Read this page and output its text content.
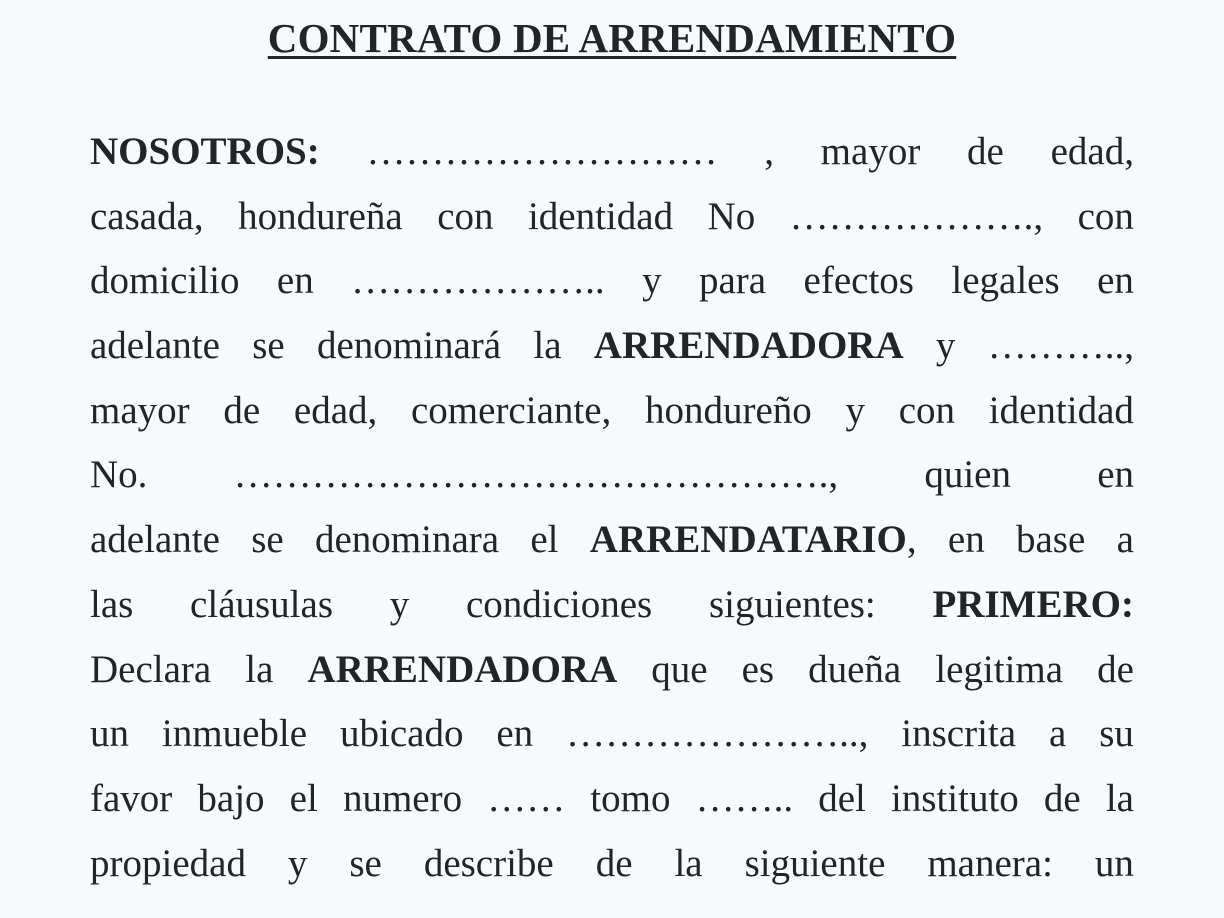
CONTRATO DE ARRENDAMIENTO
NOSOTROS: ……………………… , mayor de edad,
casada, hondureña con identidad No ………………., con
domicilio en ……………….. y para efectos legales en
adelante se denominará la ARRENDADORA y ………..,
mayor de edad, comerciante, hondureño y con identidad
No. ………………………………………., quien en
adelante se denominara el ARRENDATARIO, en base a
las cláusulas y condiciones siguientes: PRIMERO:
Declara la ARRENDADORA que es dueña legitima de
un inmueble ubicado en ………………….., inscrita a su
favor bajo el numero …… tomo …….. del instituto de la
propiedad y se describe de la siguiente manera: un
